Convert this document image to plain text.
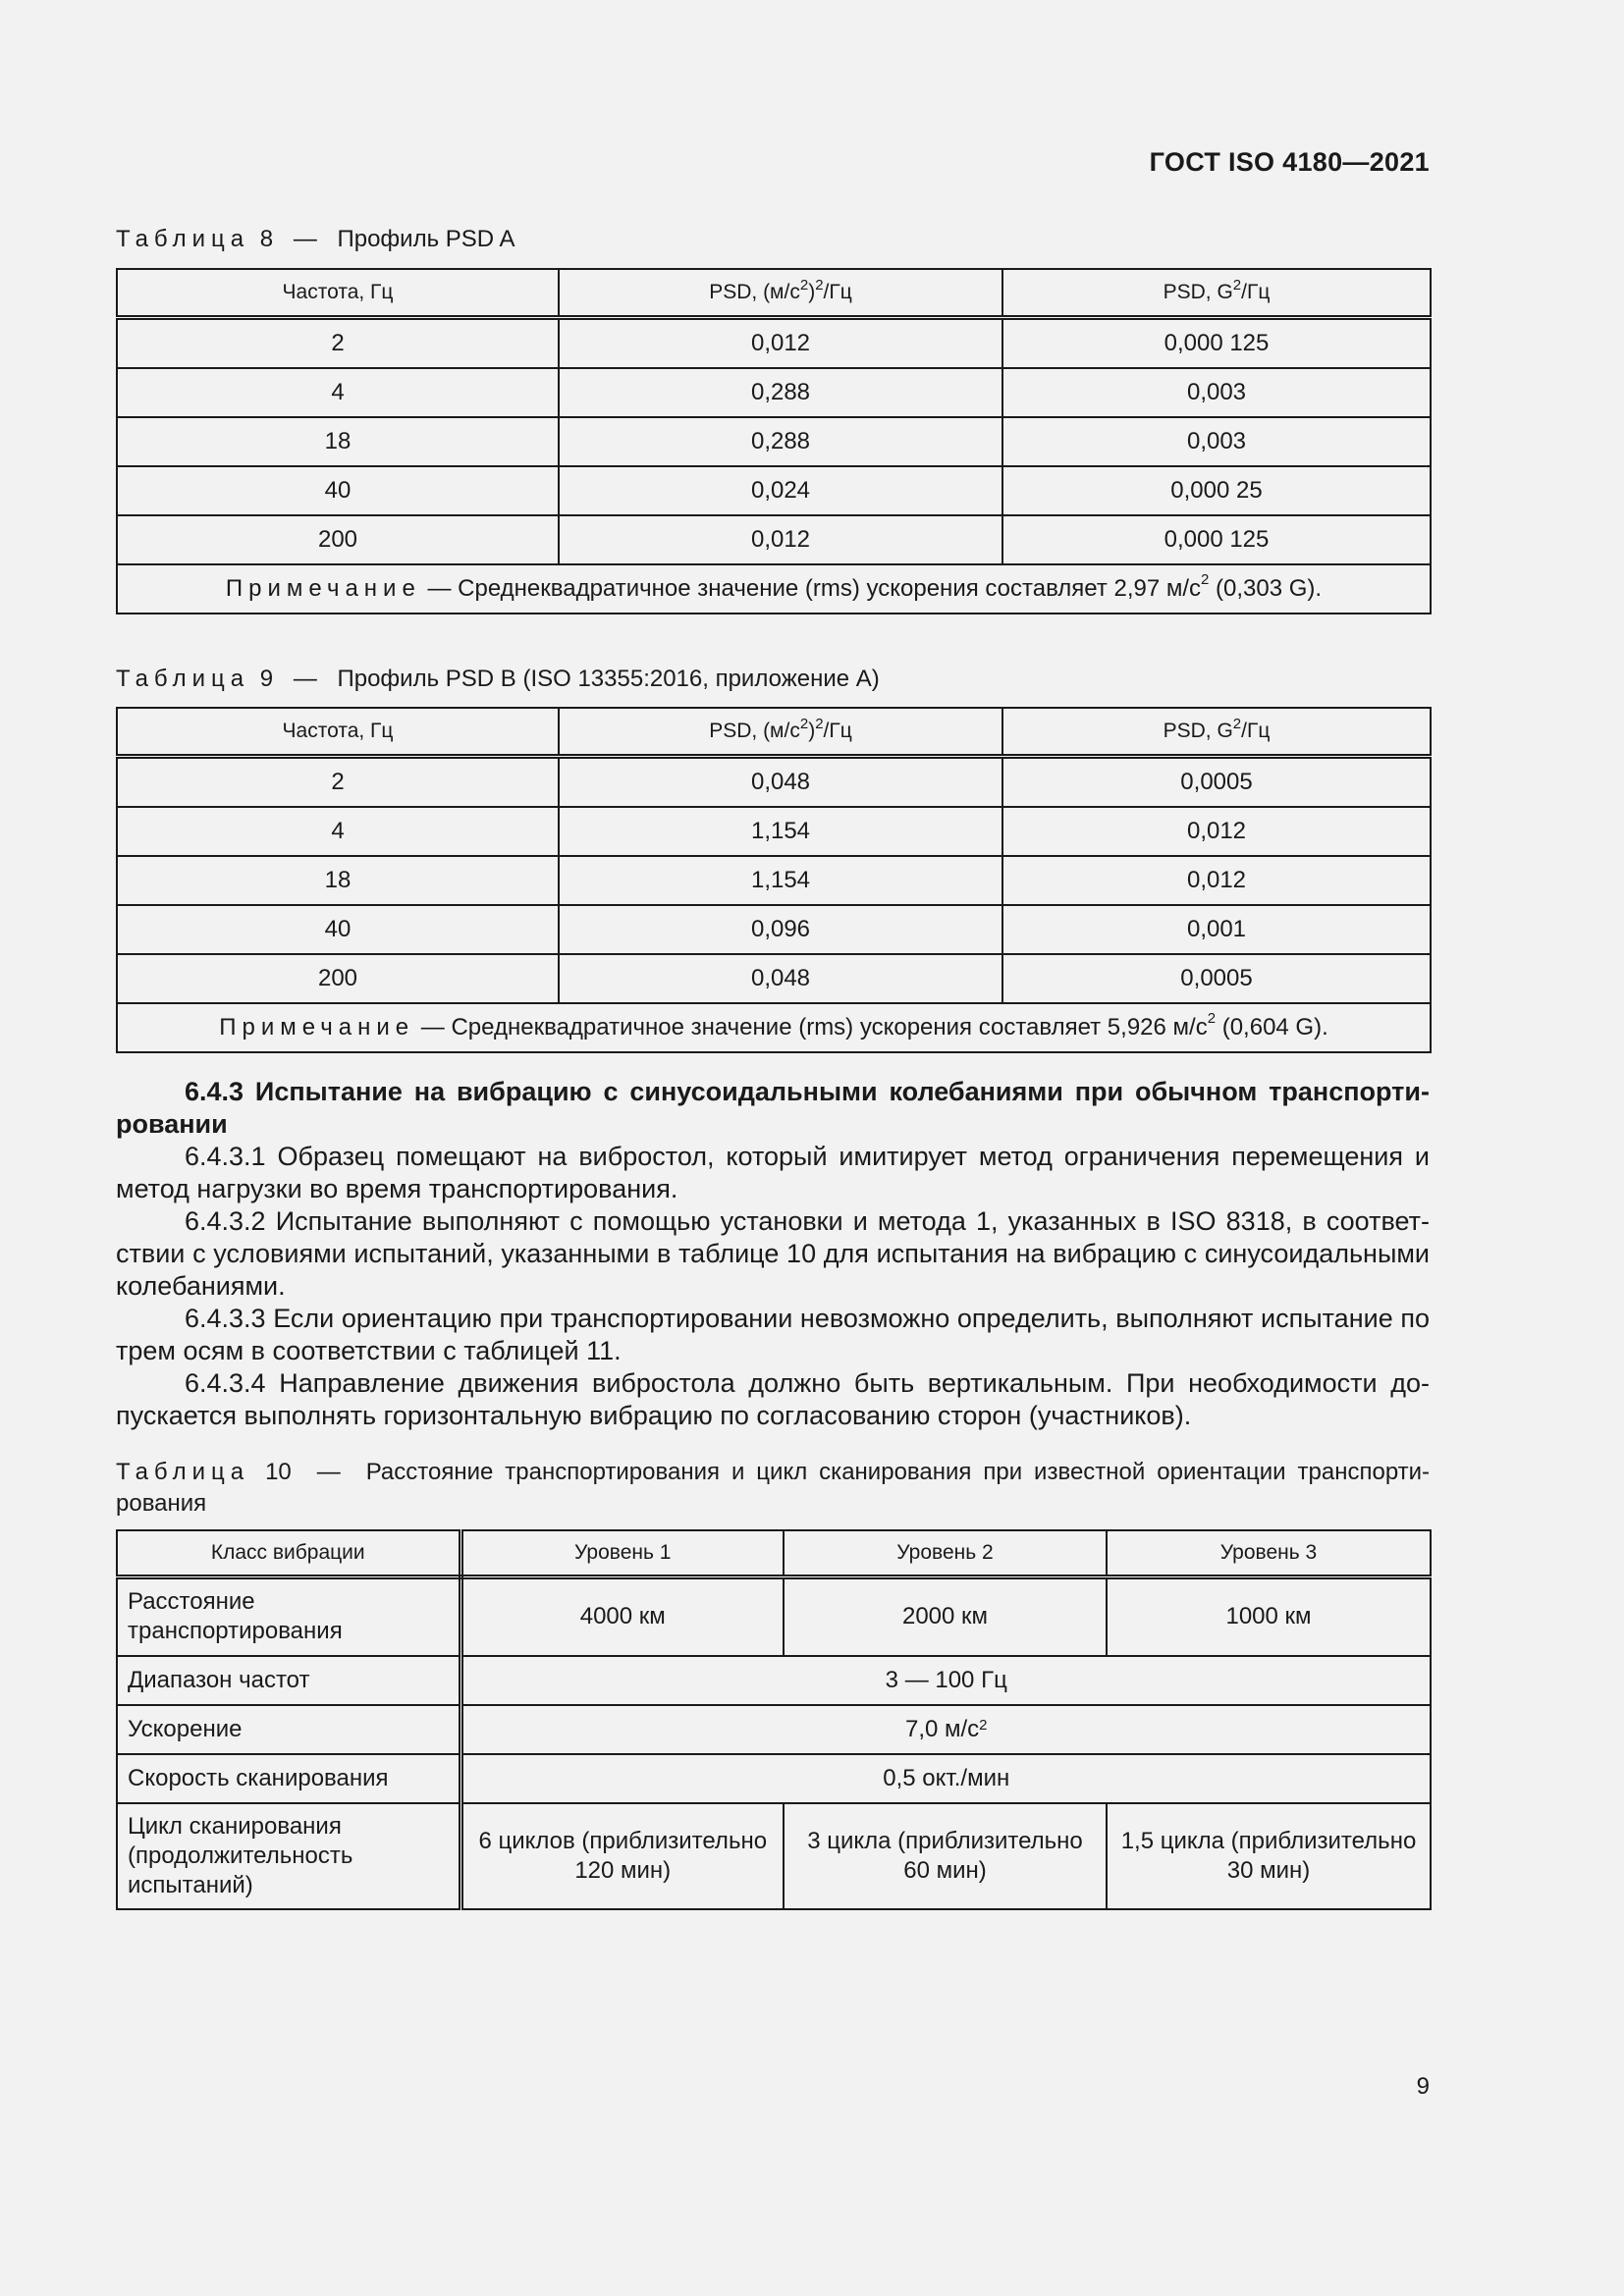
ГОСТ ISO 4180—2021
Таблица 8 — Профиль PSD A
Частота, Гц	PSD, $(м/с^2)^2/Гц$	PSD, $G^2/Гц$
2	0,012	0,000 125
4	0,288	0,003
18	0,288	0,003
40	0,024	0,000 25
200	0,012	0,000 125
Примечание — Среднеквадратичное значение (rms) ускорения составляет 2,97 $м/с^2$ (0,303 G).		
Таблица 9 — Профиль PSD B (ISO 13355:2016, приложение А)
Частота, Гц	PSD, $(м/с^2)^2/Гц$	PSD, $G^2/Гц$
2	0,048	0,0005
4	1,154	0,012
18	1,154	0,012
40	0,096	0,001
200	0,048	0,0005
Примечание — Среднеквадратичное значение (rms) ускорения составляет 5,926 $м/с^2$ (0,604 G).		

6.4.3 Испытание на вибрацию с синусоидальными колебаниями при обычном транспортировании

6.4.3.1 Образец помещают на вибростол, который имитирует метод ограничения перемещения и метод нагрузки во время транспортирования.

6.4.3.2 Испытание выполняют с помощью установки и метода 1, указанных в ISO 8318, в соответствии с условиями испытаний, указанными в таблице 10 для испытания на вибрацию с синусоидальными колебаниями.

6.4.3.3 Если ориентацию при транспортировании невозможно определить, выполняют испытание по трем осям в соответствии с таблицей 11.

6.4.3.4 Направление движения вибростола должно быть вертикальным. При необходимости допускается выполнять горизонтальную вибрацию по согласованию сторон (участников).

Таблица 10 — Расстояние транспортирования и цикл сканирования при известной ориентации транспортирования
Класс вибрации	Уровень 1	Уровень 2	Уровень 3
Расстояние транспортирования	4000 км	2000 км	1000 км
Диапазон частот	3 — 100 Гц		
Ускорение	7,0 $м/с^2$
Скорость сканирования	0,5 окт./мин		
Цикл сканирования (продолжительность испытаний)	6 циклов (приблизительно 120 мин)	3 цикла (приблизительно 60 мин)	1,5 цикла (приблизительно 30 мин)
9
